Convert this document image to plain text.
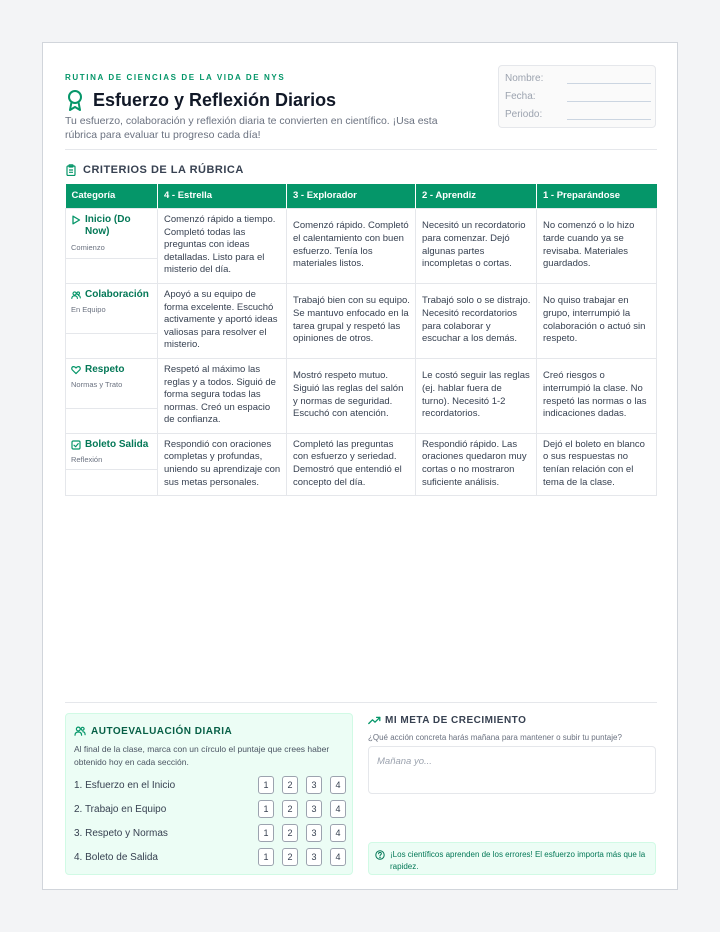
RUTINA DE CIENCIAS DE LA VIDA DE NYS
Esfuerzo y Reflexión Diarios
Tu esfuerzo, colaboración y reflexión diaria te convierten en científico. ¡Usa esta rúbrica para evaluar tu progreso cada día!
Nombre:
Fecha:
Periodo:
CRITERIOS DE LA RÚBRICA
Categoría	4 - Estrella	3 - Explorador	2 - Aprendiz	1 - Preparándose

Inicio (Do Now)
Comienzo	Comenzó rápido a tiempo. Completó todas las preguntas con ideas detalladas. Listo para el misterio del día.	Comenzó rápido. Completó el calentamiento con buen esfuerzo. Tenía los materiales listos.	Necesitó un recordatorio para comenzar. Dejó algunas partes incompletas o cortas.	No comenzó o lo hizo tarde cuando ya se revisaba. Materiales guardados.

Colaboración
En Equipo	Apoyó a su equipo de forma excelente. Escuchó activamente y aportó ideas valiosas para resolver el misterio.	Trabajó bien con su equipo. Se mantuvo enfocado en la tarea grupal y respetó las opiniones de otros.	Trabajó solo o se distrajo. Necesitó recordatorios para colaborar y escuchar a los demás.	No quiso trabajar en grupo, interrumpió la colaboración o actuó sin respeto.

Respeto
Normas y Trato	Respetó al máximo las reglas y a todos. Siguió de forma segura todas las normas. Creó un espacio de confianza.	Mostró respeto mutuo. Siguió las reglas del salón y normas de seguridad. Escuchó con atención.	Le costó seguir las reglas (ej. hablar fuera de turno). Necesitó 1-2 recordatorios.	Creó riesgos o interrumpió la clase. No respetó las normas o las indicaciones dadas.

Boleto Salida
Reflexión	Respondió con oraciones completas y profundas, uniendo su aprendizaje con sus metas personales.	Completó las preguntas con esfuerzo y seriedad. Demostró que entendió el concepto del día.	Respondió rápido. Las oraciones quedaron muy cortas o no mostraron suficiente análisis.	Dejó el boleto en blanco o sus respuestas no tenían relación con el tema de la clase.
AUTOEVALUACIÓN DIARIA
Al final de la clase, marca con un círculo el puntaje que crees haber obtenido hoy en cada sección.
1. Esfuerzo en el Inicio	1	2	3	4
2. Trabajo en Equipo	1	2	3	4
3. Respeto y Normas	1	2	3	4
4. Boleto de Salida	1	2	3	4
MI META DE CRECIMIENTO
¿Qué acción concreta harás mañana para mantener o subir tu puntaje?
Mañana yo...
¡Los científicos aprenden de los errores! El esfuerzo importa más que la rapidez.
